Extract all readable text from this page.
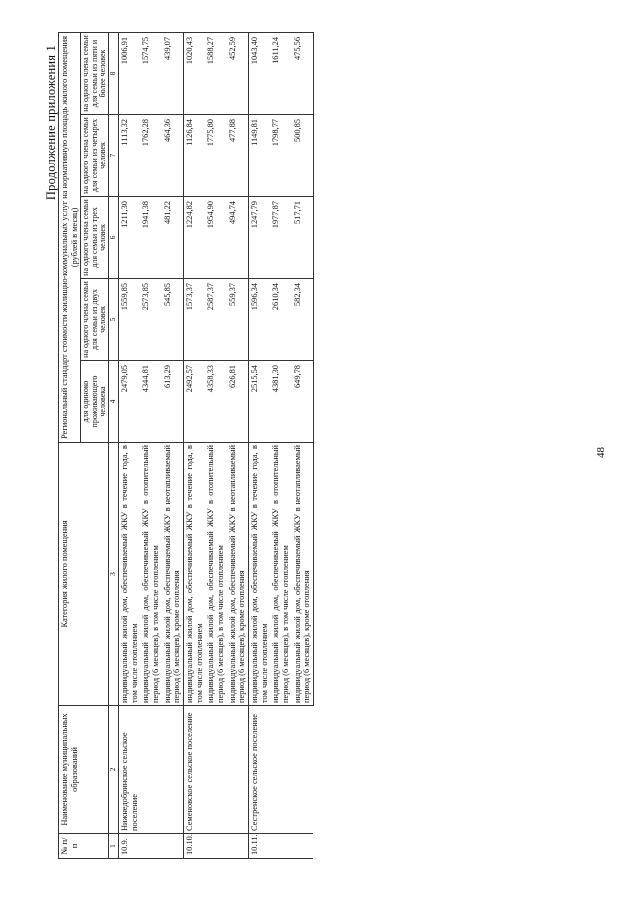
48
Продолжение приложения 1
№ п/п	Наименование муниципальных образований	Категория жилого помещения	Региональный стандарт стоимости жилищно-коммунальных услуг на нормативную площадь жилого помещения (рублей в месяц)				
			для одиноко проживающего человека	на одного члена семьи для семьи из двух человек	на одного члена семьи для семьи из трех человек	на одного члена семьи для семьи из четырех человек	на одного члена семьи для семьи из пяти и более человек
1	2	3	4	5	6	7	8
10.9.	Нижнедобринское сельское поселение	индивидуальный жилой дом, обеспечиваемый ЖКУ в течение года, в том числе отоплением	2479,05	1559,85	1211,30	1113,32	1006,91
		индивидуальный жилой дом, обеспечиваемый ЖКУ в отопительный период (6 месяцев), в том числе отоплением	4344,81	2573,85	1941,38	1762,28	1574,75
		индивидуальный жилой дом, обеспечиваемый ЖКУ в неотапливаемый период (6 месяцев), кроме отопления	613,29	545,85	481,22	464,36	439,07
10.10.	Семеновское сельское поселение	индивидуальный жилой дом, обеспечиваемый ЖКУ в течение года, в том числе отоплением	2492,57	1573,37	1224,82	1126,84	1020,43
		индивидуальный жилой дом, обеспечиваемый ЖКУ в отопительный период (6 месяцев), в том числе отоплением	4358,33	2587,37	1954,90	1775,80	1588,27
		индивидуальный жилой дом, обеспечиваемый ЖКУ в неотапливаемый период (6 месяцев), кроме отопления	626,81	559,37	494,74	477,88	452,59
10.11.	Сестренское сельское поселение	индивидуальный жилой дом, обеспечиваемый ЖКУ в течение года, в том числе отоплением	2515,54	1596,34	1247,79	1149,81	1043,40
		индивидуальный жилой дом, обеспечиваемый ЖКУ в отопительный период (6 месяцев), в том числе отоплением	4381,30	2610,34	1977,87	1798,77	1611,24
		индивидуальный жилой дом, обеспечиваемый ЖКУ в неотапливаемый период (6 месяцев), кроме отопления	649,78	582,34	517,71	500,85	475,56
